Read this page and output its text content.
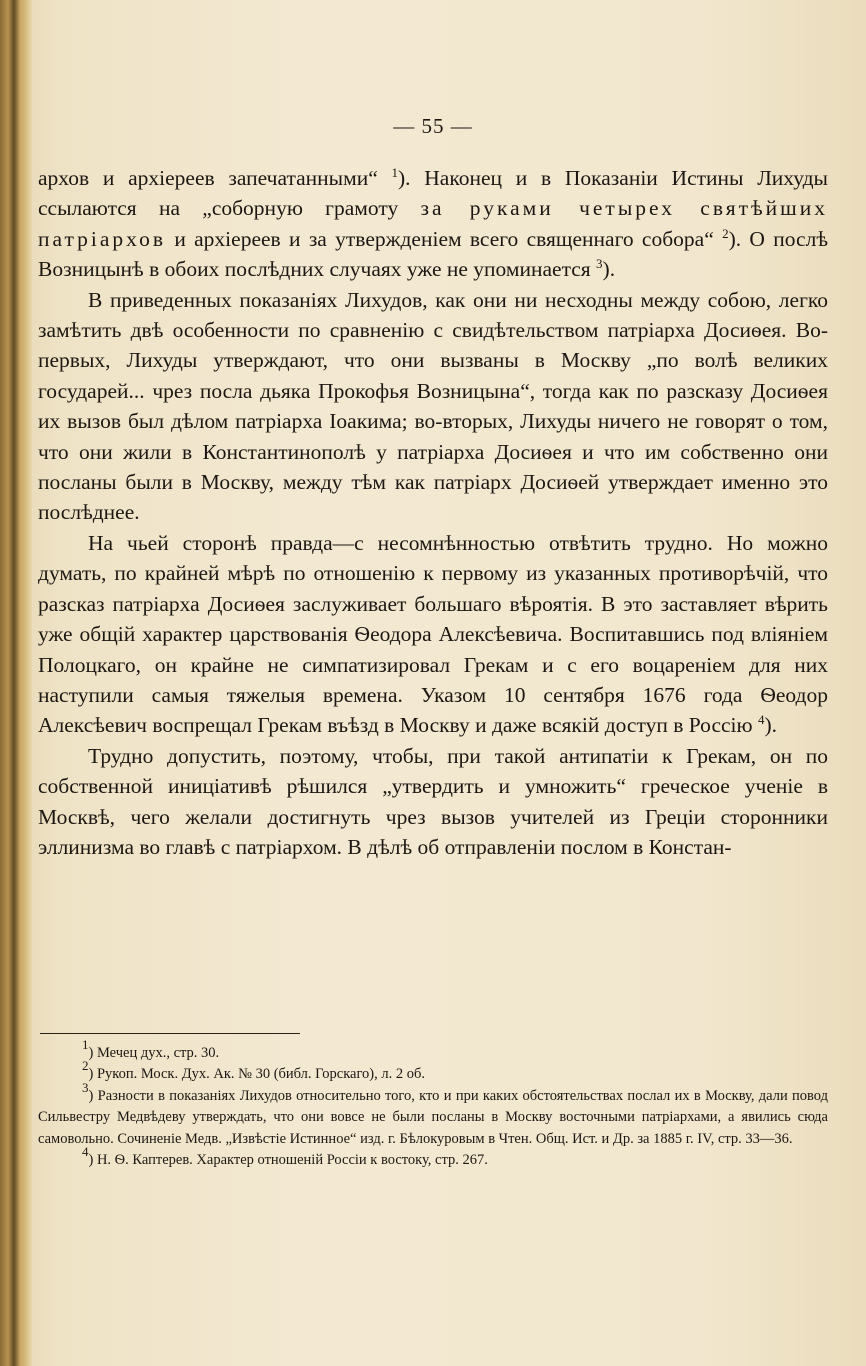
— 55 —

архов и архіереев запечатанными“ $^1$). Наконец и в Показаніи Истины Лихуды ссылаются на „соборную грамоту за руками четырех святѣйших патріархов и архіереев и за утвержденіем всего священнаго собора“ $^2$). О послѣ Возницынѣ в обоих послѣдних случаях уже не упоминается $^3$).

В приведенных показаніях Лихудов, как они ни несходны между собою, легко замѣтить двѣ особенности по сравненію с свидѣтельством патріарха Досиѳея. Во-первых, Лихуды утверждают, что они вызваны в Москву „по волѣ великих государей... чрез посла дьяка Прокофья Возницына“, тогда как по разсказу Досиѳея их вызов был дѣлом патріарха Іоакима; во-вторых, Лихуды ничего не говорят о том, что они жили в Константинополѣ у патріарха Досиѳея и что им собственно они посланы были в Москву, между тѣм как патріарх Досиѳей утверждает именно это послѣднее.

На чьей сторонѣ правда—с несомнѣнностью отвѣтить трудно. Но можно думать, по крайней мѣрѣ по отношенію к первому из указанных противорѣчій, что разсказ патріарха Досиѳея заслуживает большаго вѣроятія. В это заставляет вѣрить уже общій характер царствованія Ѳеодора Алексѣевича. Воспитавшись под вліяніем Полоцкаго, он крайне не симпатизировал Грекам и с его воцареніем для них наступили самыя тяжелыя времена. Указом 10 сентября 1676 года Ѳеодор Алексѣевич воспрещал Грекам въѣзд в Москву и даже всякій доступ в Россію $^4$).

Трудно допустить, поэтому, чтобы, при такой антипатіи к Грекам, он по собственной иниціативѣ рѣшился „утвердить и умножить“ греческое ученіе в Москвѣ, чего желали достигнуть чрез вызов учителей из Греціи сторонники эллинизма во главѣ с патріархом. В дѣлѣ об отправленіи послом в Констан-

$^1$) Мечец дух., стр. 30.

$^2$) Рукоп. Моск. Дух. Ак. № 30 (библ. Горскаго), л. 2 об.

$^3$) Разности в показаніях Лихудов относительно того, кто и при каких обстоятельствах послал их в Москву, дали повод Сильвестру Медвѣдеву утверждать, что они вовсе не были посланы в Москву восточными патріархами, а явились сюда самовольно. Сочиненіе Медв. „Извѣстіе Истинное“ изд. г. Бѣлокуровым в Чтен. Общ. Ист. и Др. за 1885 г. IV, стр. 33—36.

$^4$) Н. Ѳ. Каптерев. Характер отношеній Россіи к востоку, стр. 267.
